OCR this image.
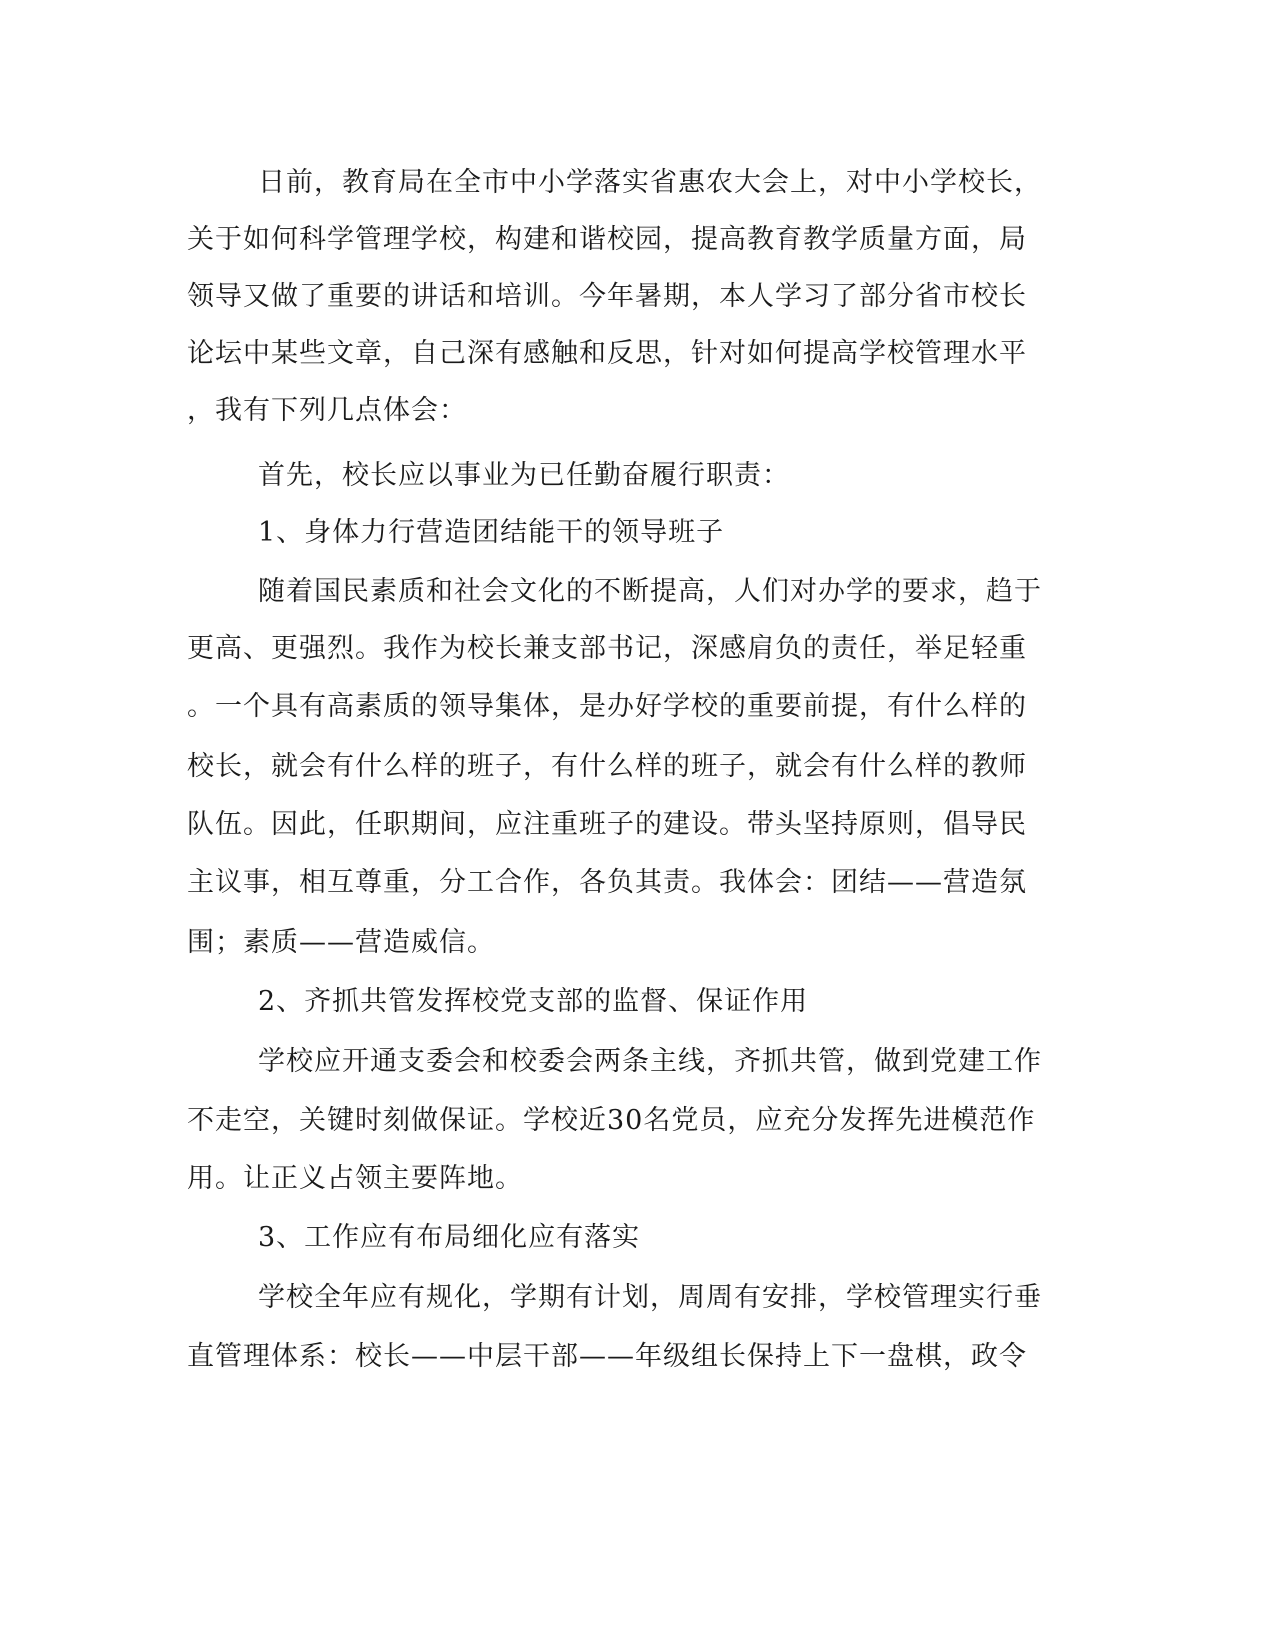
日前，教育局在全市中小学落实省惠农大会上，对中小学校长，

关于如何科学管理学校，构建和谐校园，提高教育教学质量方面，局

领导又做了重要的讲话和培训。今年暑期，本人学习了部分省市校长

论坛中某些文章，自己深有感触和反思，针对如何提高学校管理水平

，我有下列几点体会：

首先，校长应以事业为已任勤奋履行职责：

1、身体力行营造团结能干的领导班子

随着国民素质和社会文化的不断提高，人们对办学的要求，趋于

更高、更强烈。我作为校长兼支部书记，深感肩负的责任，举足轻重

。一个具有高素质的领导集体，是办好学校的重要前提，有什么样的

校长，就会有什么样的班子，有什么样的班子，就会有什么样的教师

队伍。因此，任职期间，应注重班子的建设。带头坚持原则，倡导民

主议事，相互尊重，分工合作，各负其责。我体会：团结——营造氛

围；素质——营造威信。

2、齐抓共管发挥校党支部的监督、保证作用

学校应开通支委会和校委会两条主线，齐抓共管，做到党建工作

不走空，关键时刻做保证。学校近30名党员，应充分发挥先进模范作

用。让正义占领主要阵地。

3、工作应有布局细化应有落实

学校全年应有规化，学期有计划，周周有安排，学校管理实行垂

直管理体系：校长——中层干部——年级组长保持上下一盘棋，政令
